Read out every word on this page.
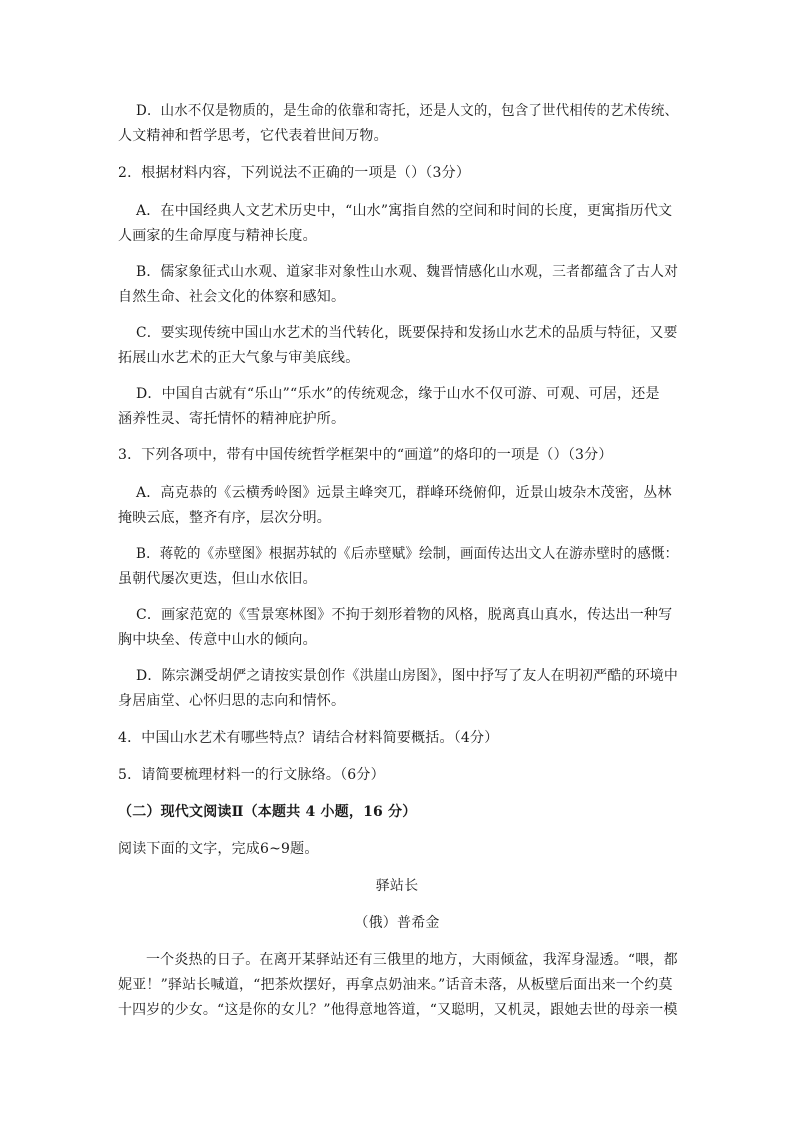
D．山水不仅是物质的，是生命的依靠和寄托，还是人文的，包含了世代相传的艺术传统、
人文精神和哲学思考，它代表着世间万物。
2．根据材料内容，下列说法不正确的一项是（）（3分）
A．在中国经典人文艺术历史中，“山水”寓指自然的空间和时间的长度，更寓指历代文
人画家的生命厚度与精神长度。
B．儒家象征式山水观、道家非对象性山水观、魏晋情感化山水观，三者都蕴含了古人对
自然生命、社会文化的体察和感知。
C．要实现传统中国山水艺术的当代转化，既要保持和发扬山水艺术的品质与特征，又要
拓展山水艺术的正大气象与审美底线。
D．中国自古就有“乐山”“乐水”的传统观念，缘于山水不仅可游、可观、可居，还是
涵养性灵、寄托情怀的精神庇护所。
3．下列各项中，带有中国传统哲学框架中的“画道”的烙印的一项是（）（3分）
A．高克恭的《云横秀岭图》远景主峰突兀，群峰环绕俯仰，近景山坡杂木茂密，丛林
掩映云底，整齐有序，层次分明。
B．蒋乾的《赤壁图》根据苏轼的《后赤壁赋》绘制，画面传达出文人在游赤壁时的感慨：
虽朝代屡次更迭，但山水依旧。
C．画家范宽的《雪景寒林图》不拘于刻形着物的风格，脱离真山真水，传达出一种写
胸中块垒、传意中山水的倾向。
D．陈宗渊受胡俨之请按实景创作《洪崖山房图》，图中抒写了友人在明初严酷的环境中
身居庙堂、心怀归思的志向和情怀。
4．中国山水艺术有哪些特点？请结合材料简要概括。（4分）
5．请简要梳理材料一的行文脉络。（6分）
（二）现代文阅读Ⅱ（本题共 4 小题，16 分）
阅读下面的文字，完成6~9题。
驿站长
（俄）普希金
一个炎热的日子。在离开某驿站还有三俄里的地方，大雨倾盆，我浑身湿透。“喂，都
妮亚！”驿站长喊道，“把茶炊摆好，再拿点奶油来。”话音未落，从板壁后面出来一个约莫
十四岁的少女。“这是你的女儿？”他得意地答道，“又聪明，又机灵，跟她去世的母亲一模
